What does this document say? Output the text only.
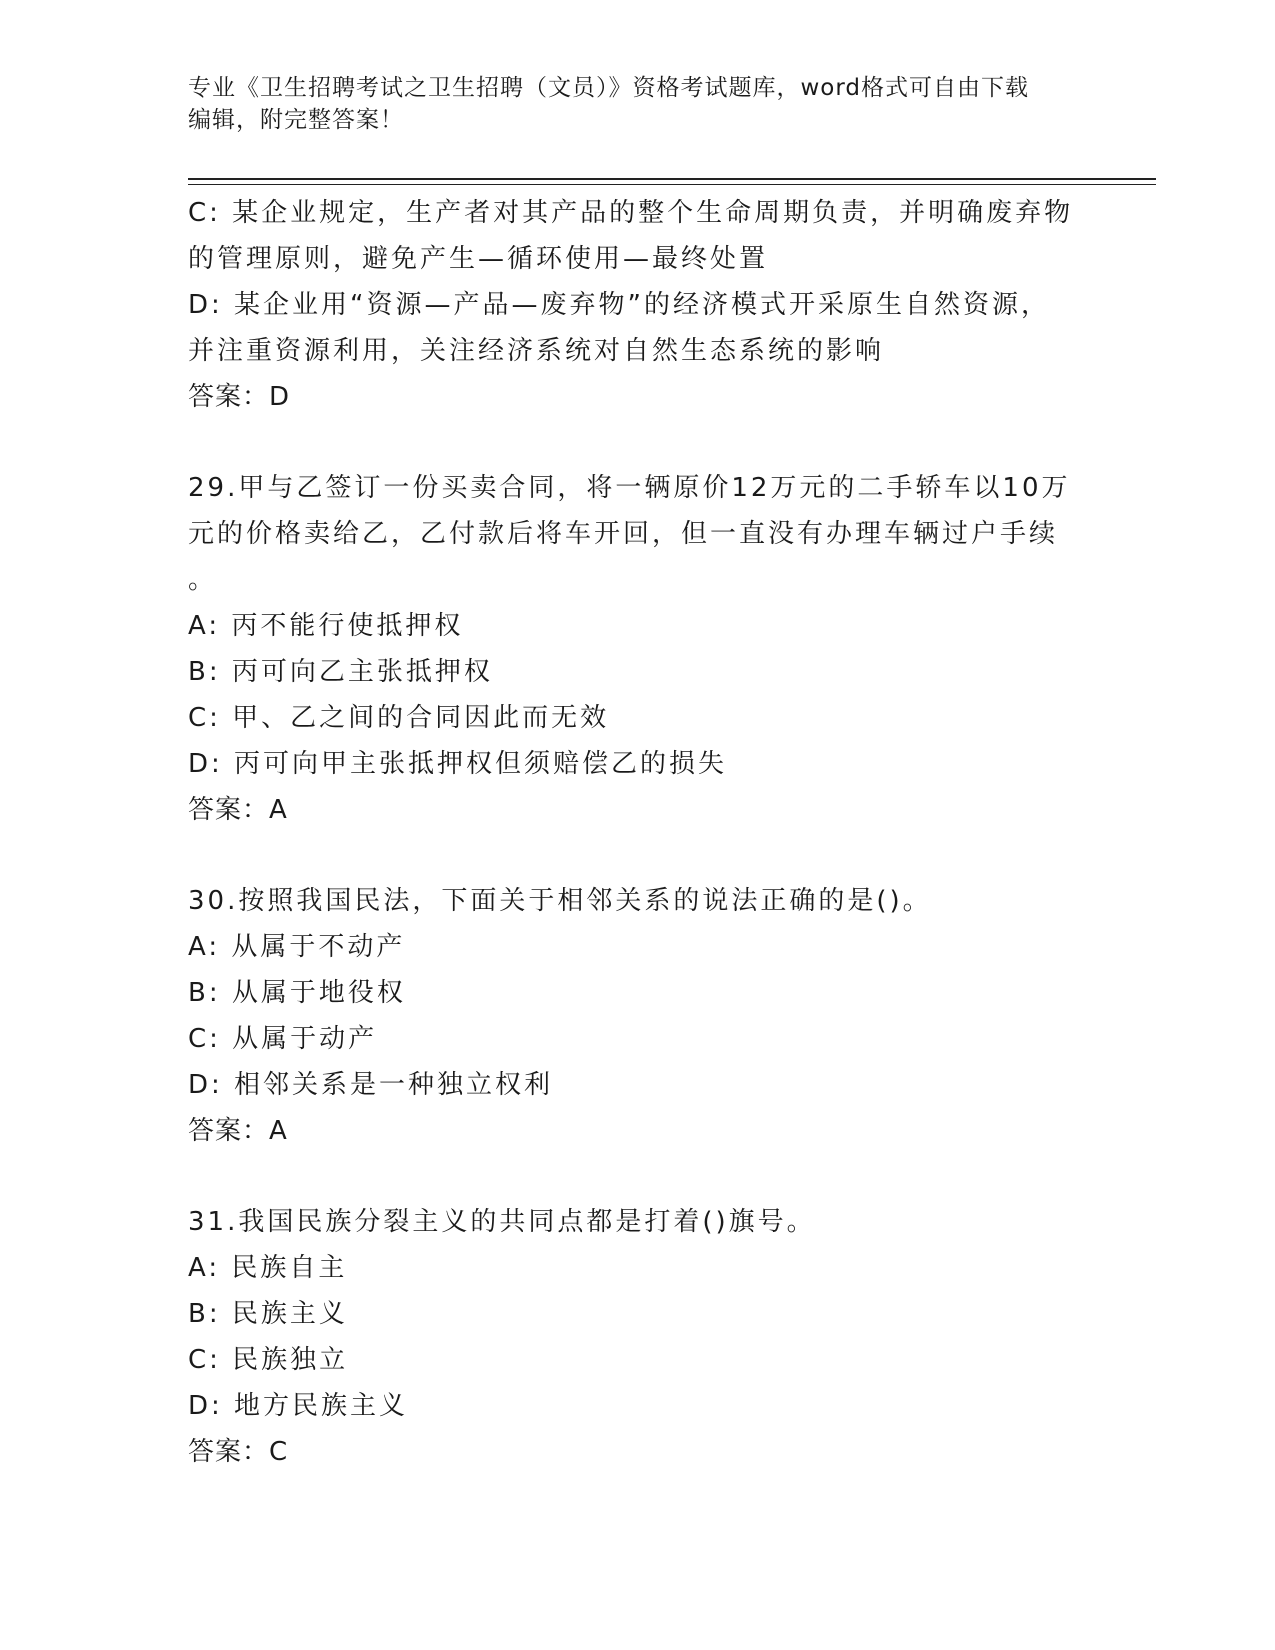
专业《卫生招聘考试之卫生招聘（文员）》资格考试题库，word格式可自由下载
编辑，附完整答案！
C: 某企业规定，生产者对其产品的整个生命周期负责，并明确废弃物
的管理原则，避免产生—循环使用—最终处置
D: 某企业用“资源—产品—废弃物”的经济模式开采原生自然资源，
并注重资源利用，关注经济系统对自然生态系统的影响
答案：D
29.甲与乙签订一份买卖合同，将一辆原价12万元的二手轿车以10万
元的价格卖给乙，乙付款后将车开回，但一直没有办理车辆过户手续
。
A: 丙不能行使抵押权
B: 丙可向乙主张抵押权
C: 甲、乙之间的合同因此而无效
D: 丙可向甲主张抵押权但须赔偿乙的损失
答案：A
30.按照我国民法，下面关于相邻关系的说法正确的是()。
A: 从属于不动产
B: 从属于地役权
C: 从属于动产
D: 相邻关系是一种独立权利
答案：A
31.我国民族分裂主义的共同点都是打着()旗号。
A: 民族自主
B: 民族主义
C: 民族独立
D: 地方民族主义
答案：C
